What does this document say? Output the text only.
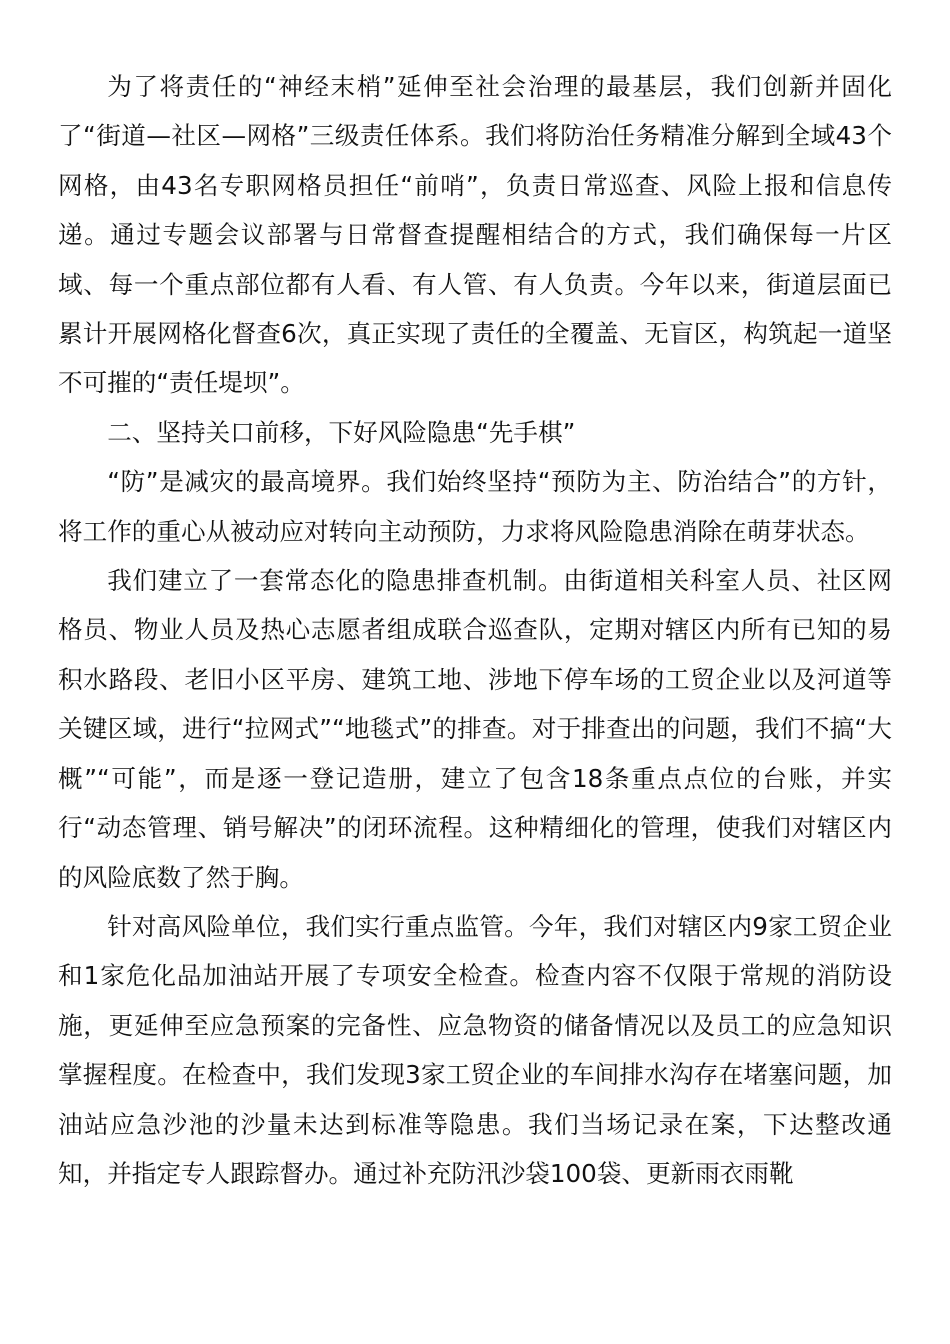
为了将责任的“神经末梢”延伸至社会治理的最基层，我们创新并固化了“街道—社区—网格”三级责任体系。我们将防治任务精准分解到全域43个网格，由43名专职网格员担任“前哨”，负责日常巡查、风险上报和信息传递。通过专题会议部署与日常督查提醒相结合的方式，我们确保每一片区域、每一个重点部位都有人看、有人管、有人负责。今年以来，街道层面已累计开展网格化督查6次，真正实现了责任的全覆盖、无盲区，构筑起一道坚不可摧的“责任堤坝”。

二、坚持关口前移，下好风险隐患“先手棋”

“防”是减灾的最高境界。我们始终坚持“预防为主、防治结合”的方针，将工作的重心从被动应对转向主动预防，力求将风险隐患消除在萌芽状态。

我们建立了一套常态化的隐患排查机制。由街道相关科室人员、社区网格员、物业人员及热心志愿者组成联合巡查队，定期对辖区内所有已知的易积水路段、老旧小区平房、建筑工地、涉地下停车场的工贸企业以及河道等关键区域，进行“拉网式”“地毯式”的排查。对于排查出的问题，我们不搞“大概”“可能”，而是逐一登记造册，建立了包含18条重点点位的台账，并实行“动态管理、销号解决”的闭环流程。这种精细化的管理，使我们对辖区内的风险底数了然于胸。

针对高风险单位，我们实行重点监管。今年，我们对辖区内9家工贸企业和1家危化品加油站开展了专项安全检查。检查内容不仅限于常规的消防设施，更延伸至应急预案的完备性、应急物资的储备情况以及员工的应急知识掌握程度。在检查中，我们发现3家工贸企业的车间排水沟存在堵塞问题，加油站应急沙池的沙量未达到标准等隐患。我们当场记录在案，下达整改通知，并指定专人跟踪督办。通过补充防汛沙袋100袋、更新雨衣雨靴
